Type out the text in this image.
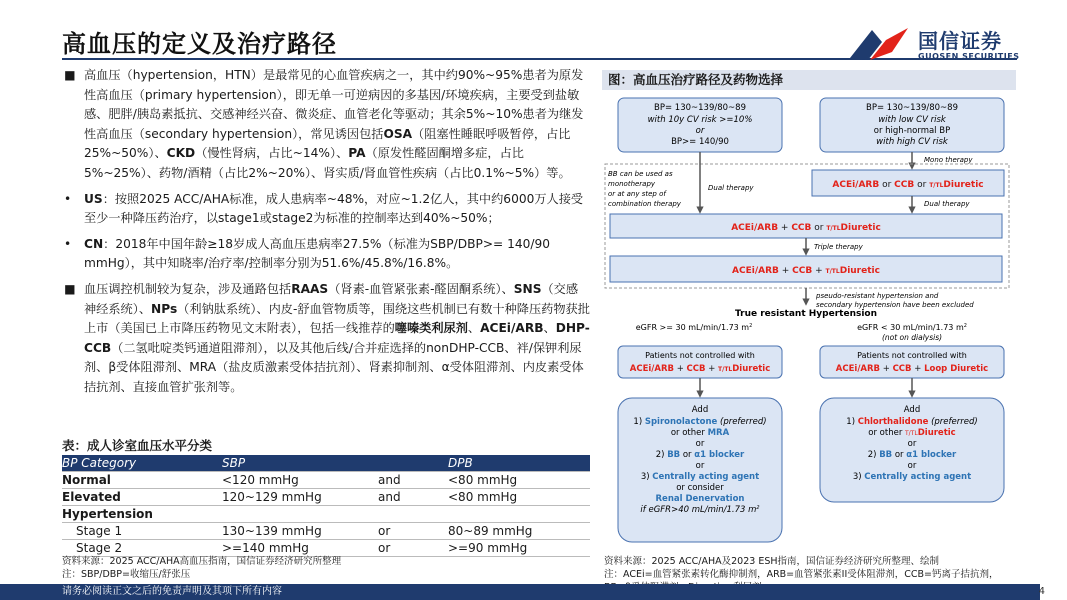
高血压的定义及治疗路径	国信证券
GUOSEN SECURITIES
■ 高血压（hypertension，HTN）是最常见的心血管疾病之一，其中约90%~95%患者为原发性高血压（primary hypertension），即无单一可逆病因的多基因/环境疾病，主要受到盐敏感、肥胖/胰岛素抵抗、交感神经兴奋、微炎症、血管老化等驱动；其余5%~10%患者为继发性高血压（secondary hypertension），常见诱因包括OSA（阻塞性睡眠呼吸暂停，占比25%~50%）、CKD（慢性肾病，占比~14%）、PA（原发性醛固酮增多症，占比5%~25%）、药物/酒精（占比2%~20%）、肾实质/肾血管性疾病（占比0.1%~5%）等。
• US：按照2025 ACC/AHA标准，成人患病率~48%，对应~1.2亿人，其中约6000万人接受至少一种降压药治疗，以stage1或stage2为标准的控制率达到40%~50%；
• CN：2018年中国年龄≥18岁成人高血压患病率27.5%（标准为SBP/DBP>= 140/90 mmHg），其中知晓率/治疗率/控制率分别为51.6%/45.8%/16.8%。
■ 血压调控机制较为复杂，涉及通路包括RAAS（肾素-血管紧张素-醛固酮系统）、SNS（交感神经系统）、NPs（利钠肽系统）、内皮-舒血管物质等，围绕这些机制已有数十种降压药物获批上市（美国已上市降压药物见文末附表），包括一线推荐的噻嗪类利尿剂、ACEi/ARB、DHP-CCB（二氢吡啶类钙通道阻滞剂），以及其他后线/合并症选择的nonDHP-CCB、袢/保钾利尿剂、β受体阻滞剂、MRA（盐皮质激素受体拮抗剂）、肾素抑制剂、α受体阻滞剂、内皮素受体拮抗剂、直接血管扩张剂等。
表：成人诊室血压水平分类
BP Category	SBP		DPB
Normal	<120 mmHg	and	<80 mmHg
Elevated	120~129 mmHg	and	<80 mmHg
Hypertension			
Stage 1	130~139 mmHg	or	80~89 mmHg
Stage 2	>=140 mmHg	or	>=90 mmHg
资料来源：2025 ACC/AHA高血压指南，国信证券经济研究所整理
注：SBP/DBP=收缩压/舒张压
图：高血压治疗路径及药物选择
BP= 130~139/80~89
with 10y CV risk >=10%
or
BP>= 140/90
BP= 130~139/80~89
with low CV risk
or high-normal BP
with high CV risk
Mono therapy
BB can be used as
monotherapy
or at any step of
combination therapy
Dual therapy	ACEi/ARB or CCB or T/TLDiuretic
Dual therapy
ACEi/ARB + CCB or T/TLDiuretic
Triple therapy
ACEi/ARB + CCB + T/TLDiuretic
pseudo-resistant hypertension and
secondary hypertension have been excluded
True resistant Hypertension
eGFR >= 30 mL/min/1.73 $m^2$	eGFR < 30 mL/min/1.73 $m^2$
(not on dialysis)
Patients not controlled with
ACEi/ARB + CCB + T/TLDiuretic
Patients not controlled with
ACEi/ARB + CCB + Loop Diuretic
Add
1) Spironolactone (preferred)
or other MRA
or
2) BB or α1 blocker
or
3) Centrally acting agent
or consider
Renal Denervation
if eGFR>40 mL/min/1.73 $m^2$
Add
1) Chlorthalidone (preferred)
or other T/TLDiuretic
or
2) BB or α1 blocker
or
3) Centrally acting agent
资料来源：2025 ACC/AHA及2023 ESH指南，国信证券经济研究所整理、绘制
注：ACEi=血管紧张素转化酶抑制剂，ARB=血管紧张素II受体阻滞剂，CCB=钙离子拮抗剂，
请务必阅读正文之后的免责声明及其项下所有内容	4
